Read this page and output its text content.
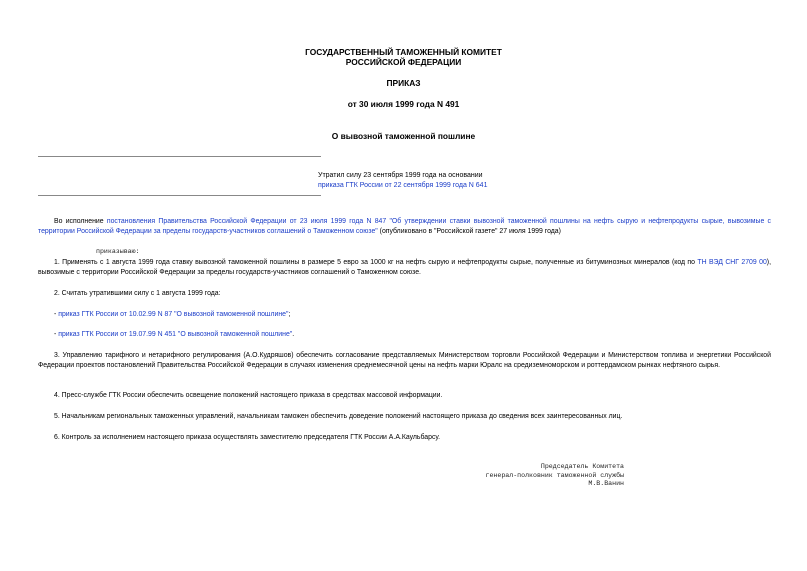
ГОСУДАРСТВЕННЫЙ ТАМОЖЕННЫЙ КОМИТЕТ
РОССИЙСКОЙ ФЕДЕРАЦИИ
ПРИКАЗ
от 30 июля 1999 года N 491
О вывозной таможенной пошлине
Утратил силу 23 сентября 1999 года на основании
приказа ГТК России от 22 сентября 1999 года N 641
Во исполнение постановления Правительства Российской Федерации от 23 июля 1999 года N 847 "Об утверждении ставки вывозной таможенной пошлины на нефть сырую и нефтепродукты сырые, вывозимые с территории Российской Федерации за пределы государств-участников соглашений о Таможенном союзе" (опубликовано в "Российской газете" 27 июля 1999 года)
приказываю:
1. Применять с 1 августа 1999 года ставку вывозной таможенной пошлины в размере 5 евро за 1000 кг на нефть сырую и нефтепродукты сырые, полученные из битуминозных минералов (код по ТН ВЭД СНГ 2709 00), вывозимые с территории Российской Федерации за пределы государств-участников соглашений о Таможенном союзе.
2. Считать утратившими силу с 1 августа 1999 года:
- приказ ГТК России от 10.02.99 N 87 "О вывозной таможенной пошлине";
- приказ ГТК России от 19.07.99 N 451 "О вывозной таможенной пошлине".
3. Управлению тарифного и нетарифного регулирования (А.О.Кудряшов) обеспечить согласование представляемых Министерством торговли Российской Федерации и Министерством топлива и энергетики Российской Федерации проектов постановлений Правительства Российской Федерации в случаях изменения среднемесячной цены на нефть марки Юралс на средиземноморском и роттердамском рынках нефтяного сырья.
4. Пресс-службе ГТК России обеспечить освещение положений настоящего приказа в средствах массовой информации.
5. Начальникам региональных таможенных управлений, начальникам таможен обеспечить доведение положений настоящего приказа до сведения всех заинтересованных лиц.
6. Контроль за исполнением настоящего приказа осуществлять заместителю председателя ГТК России А.А.Каульбарсу.
Председатель Комитета
генерал-полковник таможенной службы
М.В.Ванин
